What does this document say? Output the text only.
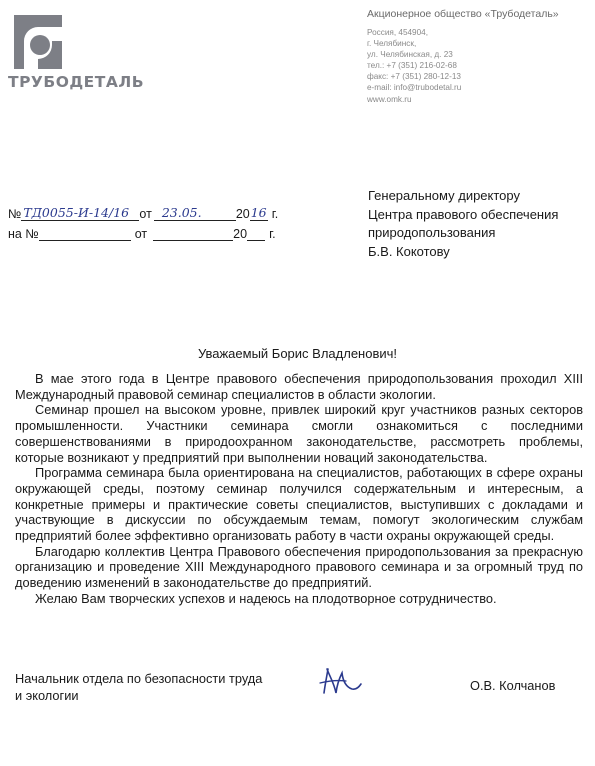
ТРУБОДЕТАЛЬ
Акционерное общество «Трубодеталь»
Россия, 454904,
г. Челябинск,
ул. Челябинская, д. 23
тел.: +7 (351) 216-02-68
факс: +7 (351) 280-12-13
e-mail: info@trubodetal.ru
www.omk.ru
№ ТД0055-И-14/16 от 23.05.	20 16 г.
на №	от	20 г.
Генеральному директору
Центра правового обеспечения
природопользования
Б.В. Кокотову
Уважаемый Борис Владленович!

В мае этого года в Центре правового обеспечения природопользования проходил XIII Международный правовой семинар специалистов в области экологии.

Семинар прошел на высоком уровне, привлек широкий круг участников разных секторов промышленности. Участники семинара смогли ознакомиться с последними совершенствованиями в природоохранном законодательстве, рассмотреть проблемы, которые возникают у предприятий при выполнении новаций законодательства.

Программа семинара была ориентирована на специалистов, работающих в сфере охраны окружающей среды, поэтому семинар получился содержательным и интересным, а конкретные примеры и практические советы специалистов, выступивших с докладами и участвующие в дискуссии по обсуждаемым темам, помогут экологическим службам предприятий более эффективно организовать работу в части охраны окружающей среды.

Благодарю коллектив Центра Правового обеспечения природопользования за прекрасную организацию и проведение XIII Международного правового семинара и за огромный труд по доведению изменений в законодательстве до предприятий.

Желаю Вам творческих успехов и надеюсь на плодотворное сотрудничество.

Начальник отдела по безопасности труда
и экологии
О.В. Колчанов
